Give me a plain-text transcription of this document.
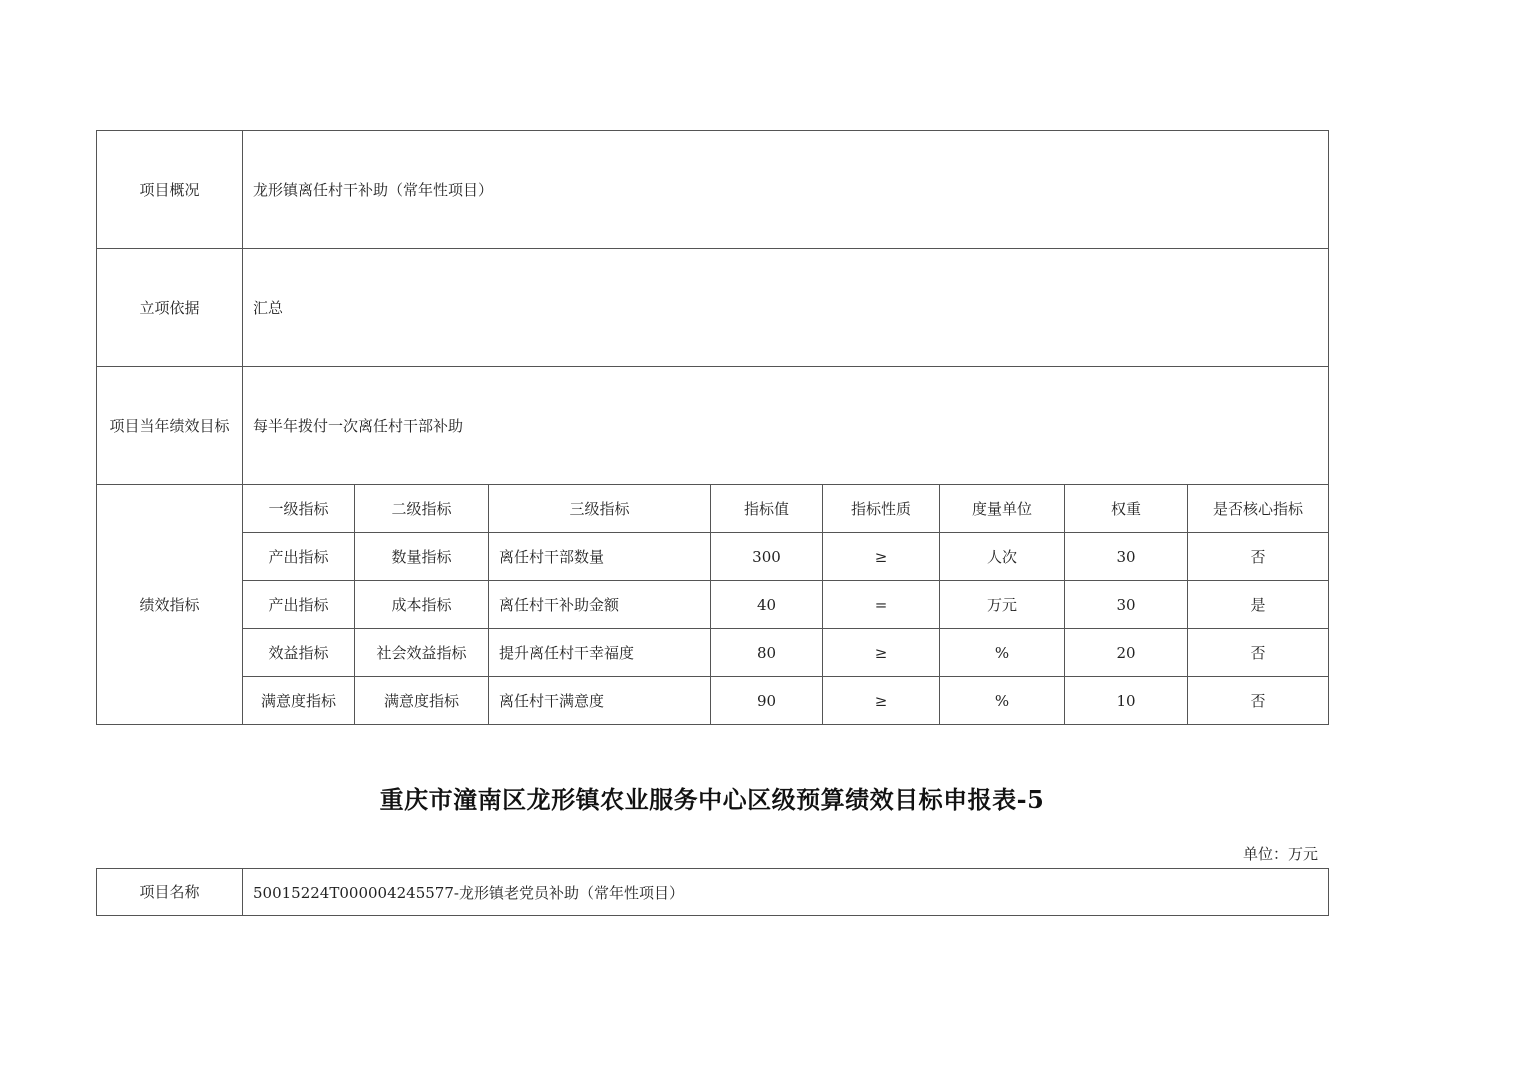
项目概况	龙形镇离任村干补助（常年性项目）							
立项依据	汇总							
项目当年绩效目标	每半年拨付一次离任村干部补助							
绩效指标	一级指标	二级指标	三级指标	指标值	指标性质	度量单位	权重	是否核心指标
	产出指标	数量指标	离任村干部数量	300	≥	人次	30	否
	产出指标	成本指标	离任村干补助金额	40	=	万元	30	是
	效益指标	社会效益指标	提升离任村干幸福度	80	≥	%	20	否
	满意度指标	满意度指标	离任村干满意度	90	≥	%	10	否
重庆市潼南区龙形镇农业服务中心区级预算绩效目标申报表-5
单位：万元
项目名称	50015224T000004245577-龙形镇老党员补助（常年性项目）
